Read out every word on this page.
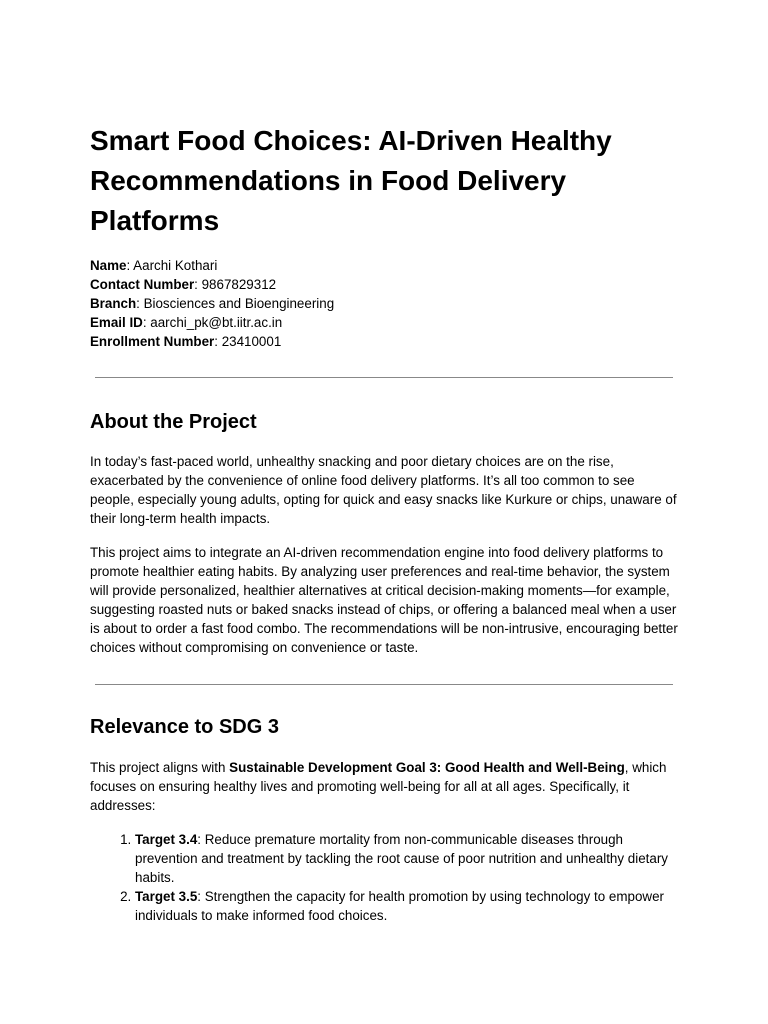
Smart Food Choices: AI-Driven Healthy Recommendations in Food Delivery Platforms
Name: Aarchi Kothari
Contact Number: 9867829312
Branch: Biosciences and Bioengineering
Email ID: aarchi_pk@bt.iitr.ac.in
Enrollment Number: 23410001
About the Project

In today’s fast-paced world, unhealthy snacking and poor dietary choices are on the rise, exacerbated by the convenience of online food delivery platforms. It’s all too common to see people, especially young adults, opting for quick and easy snacks like Kurkure or chips, unaware of their long-term health impacts.

This project aims to integrate an AI-driven recommendation engine into food delivery platforms to promote healthier eating habits. By analyzing user preferences and real-time behavior, the system will provide personalized, healthier alternatives at critical decision-making moments—for example, suggesting roasted nuts or baked snacks instead of chips, or offering a balanced meal when a user is about to order a fast food combo. The recommendations will be non-intrusive, encouraging better choices without compromising on convenience or taste.

Relevance to SDG 3

This project aligns with Sustainable Development Goal 3: Good Health and Well-Being, which focuses on ensuring healthy lives and promoting well-being for all at all ages. Specifically, it addresses:

1. Target 3.4: Reduce premature mortality from non-communicable diseases through prevention and treatment by tackling the root cause of poor nutrition and unhealthy dietary habits.
2. Target 3.5: Strengthen the capacity for health promotion by using technology to empower individuals to make informed food choices.
